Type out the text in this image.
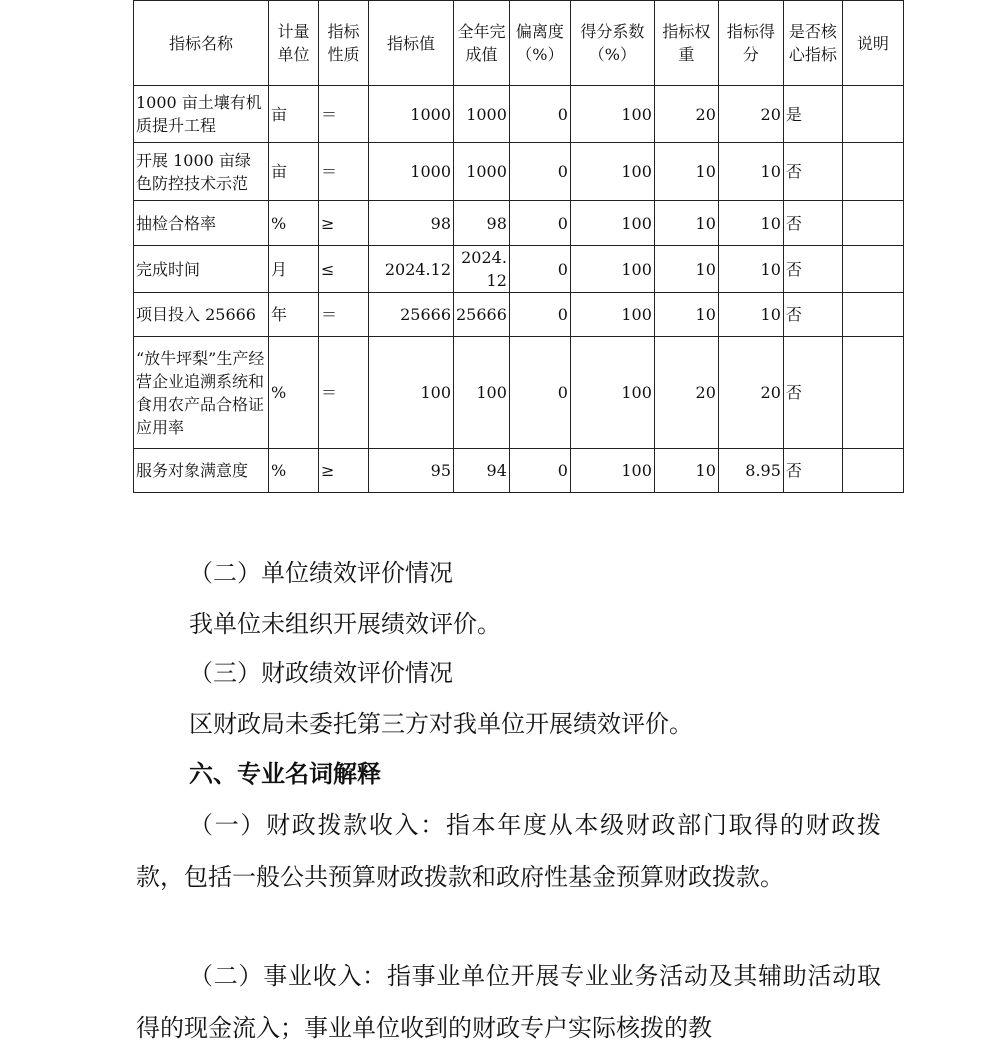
指标名称	计量单位	指标性质	指标值	全年完成值	偏离度（%）	得分系数（%）	指标权重	指标得分	是否核心指标	说明
1000 亩土壤有机质提升工程	亩	＝	1000	1000	0	100	20	20	是	
开展 1000 亩绿色防控技术示范	亩	＝	1000	1000	0	100	10	10	否	
抽检合格率	%	≥	98	98	0	100	10	10	否	
完成时间	月	≤	2024.12	2024.12	0	100	10	10	否	
项目投入 25666	年	＝	25666	25666	0	100	10	10	否	
“放牛坪梨”生产经营企业追溯系统和食用农产品合格证应用率	%	＝	100	100	0	100	20	20	否	
服务对象满意度	%	≥	95	94	0	100	10	8.95	否	

（二）单位绩效评价情况

我单位未组织开展绩效评价。

（三）财政绩效评价情况

区财政局未委托第三方对我单位开展绩效评价。

六、专业名词解释

（一）财政拨款收入：指本年度从本级财政部门取得的财政拨款，包括一般公共预算财政拨款和政府性基金预算财政拨款。

（二）事业收入：指事业单位开展专业业务活动及其辅助活动取得的现金流入；事业单位收到的财政专户实际核拨的教
